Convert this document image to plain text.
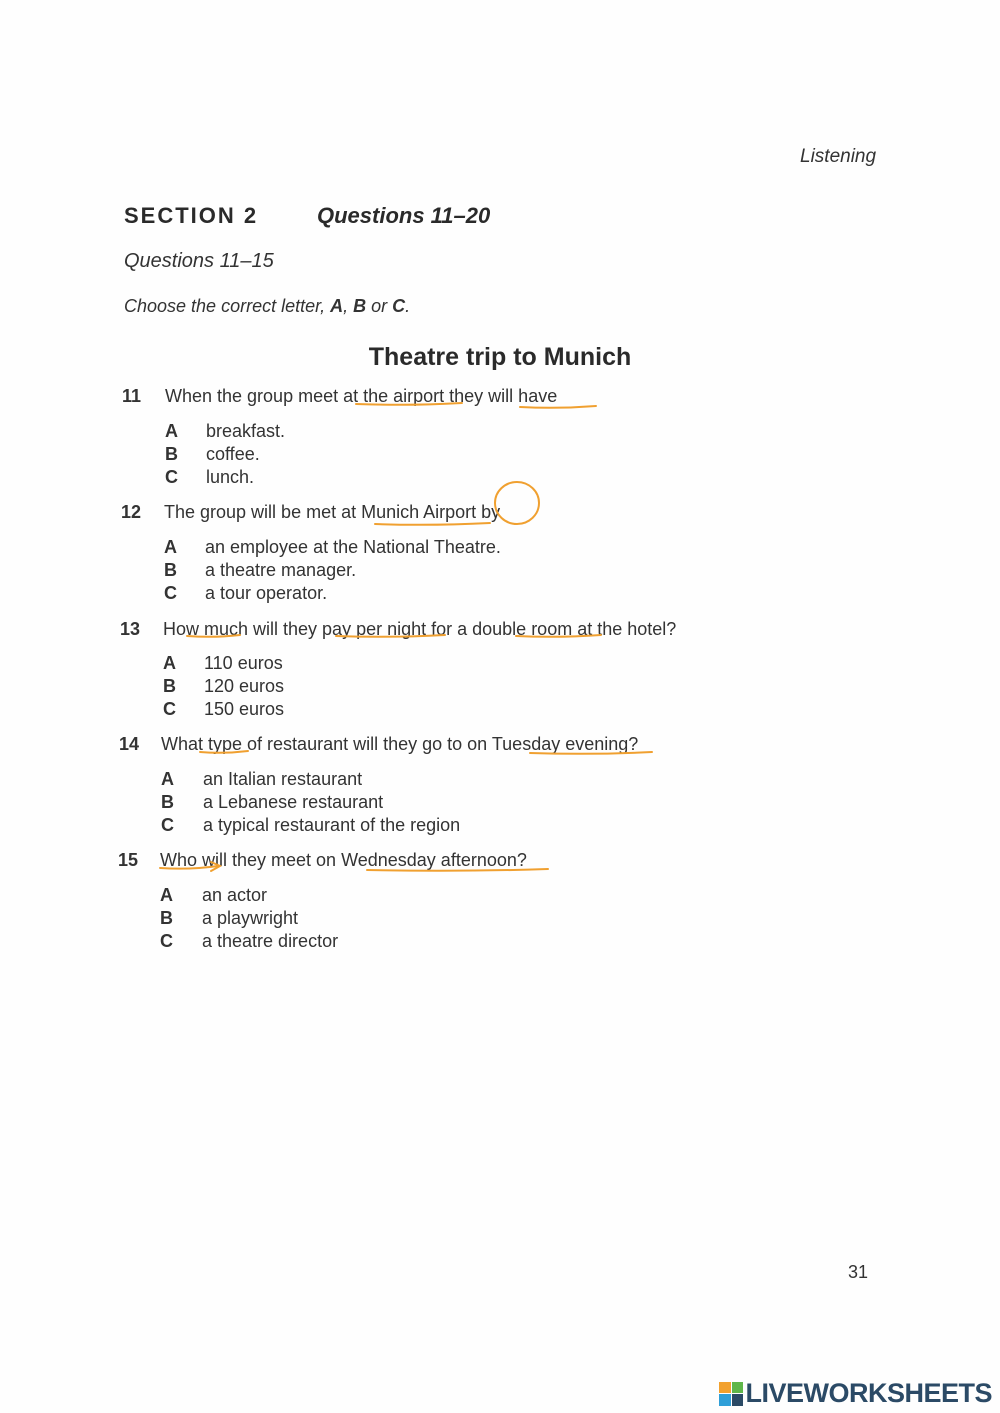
Listening
SECTION 2	Questions 11–20
Questions 11–15
Choose the correct letter, A, B or C.
Theatre trip to Munich
11 When the group meet at the airport they will have
A breakfast.
B coffee.
C lunch.
12 The group will be met at Munich Airport by
A an employee at the National Theatre.
B a theatre manager.
C a tour operator.
13 How much will they pay per night for a double room at the hotel?
A 110 euros
B 120 euros
C 150 euros
14 What type of restaurant will they go to on Tuesday evening?
A an Italian restaurant
B a Lebanese restaurant
C a typical restaurant of the region
15 Who will they meet on Wednesday afternoon?
A an actor
B a playwright
C a theatre director
31
LIVEWORKSHEETS
